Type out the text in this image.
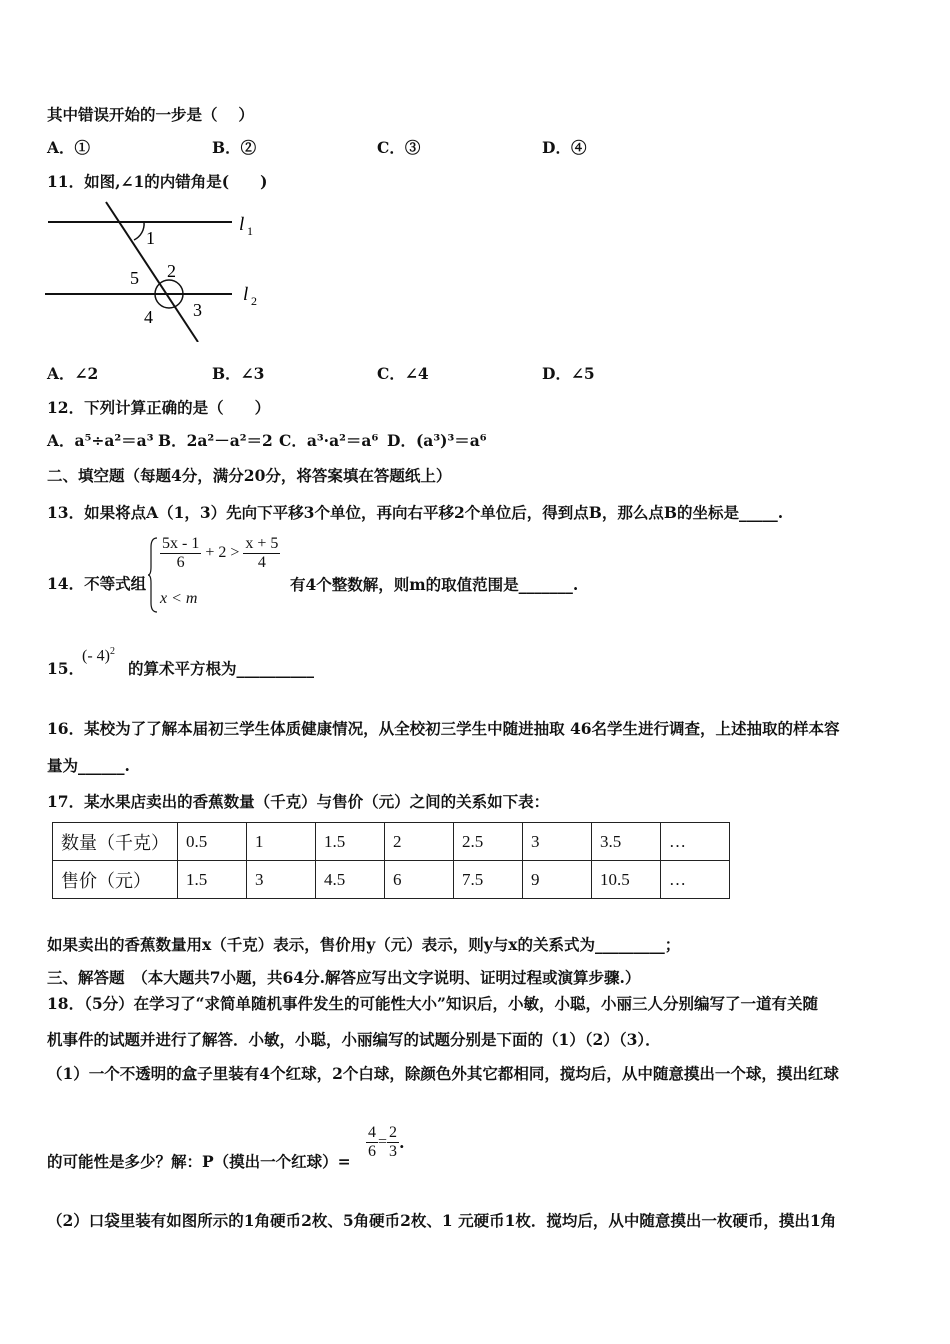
其中错误开始的一步是（　 ）
A．①	B．②	C．③	D．④
11．如图,∠1的内错角是(　　)
1
2
3
4
5
l 1
l 2
A．∠2	B．∠3	C．∠4	D．∠5
12．下列计算正确的是（　　）
A．a⁵÷a²＝a³ B．2a²－a²＝2 C．a³·a²＝a⁶ D．(a³)³＝a⁶
二、填空题（每题4分，满分20分，将答案填在答题纸上）
13．如果将点A（1，3）先向下平移3个单位，再向右平移2个单位后，得到点B，那么点B的坐标是_____.
14．不等式组
$\frac{5x - 1}{6} + 2 > \frac{x + 5}{4}$
x < m
有4个整数解，则m的取值范围是_______.
15．
(- 4)$^2$
的算术平方根为__________
16．某校为了了解本届初三学生体质健康情况，从全校初三学生中随进抽取 46名学生进行调查，上述抽取的样本容
量为______.
17．某水果店卖出的香蕉数量（千克）与售价（元）之间的关系如下表：
数量（千克）	0.5	1	1.5	2	2.5	3	3.5	…
售价（元）	1.5	3	4.5	6	7.5	9	10.5	…
如果卖出的香蕉数量用x（千克）表示，售价用y（元）表示，则y与x的关系式为_________；
三、解答题　（本大题共7小题，共64分.解答应写出文字说明、证明过程或演算步骤.）
18．（5分）在学习了“求简单随机事件发生的可能性大小”知识后，小敏，小聪，小丽三人分别编写了一道有关随
机事件的试题并进行了解答．小敏，小聪，小丽编写的试题分别是下面的（1）（2）（3）．
（1）一个不透明的盒子里装有4个红球，2个白球，除颜色外其它都相同，搅均后，从中随意摸出一个球，摸出红球
的可能性是多少？解：P（摸出一个红球）=
$\frac{4}{6} = \frac{2}{3}$ .
（2）口袋里装有如图所示的1角硬币2枚、5角硬币2枚、1 元硬币1枚．搅均后，从中随意摸出一枚硬币，摸出1角
